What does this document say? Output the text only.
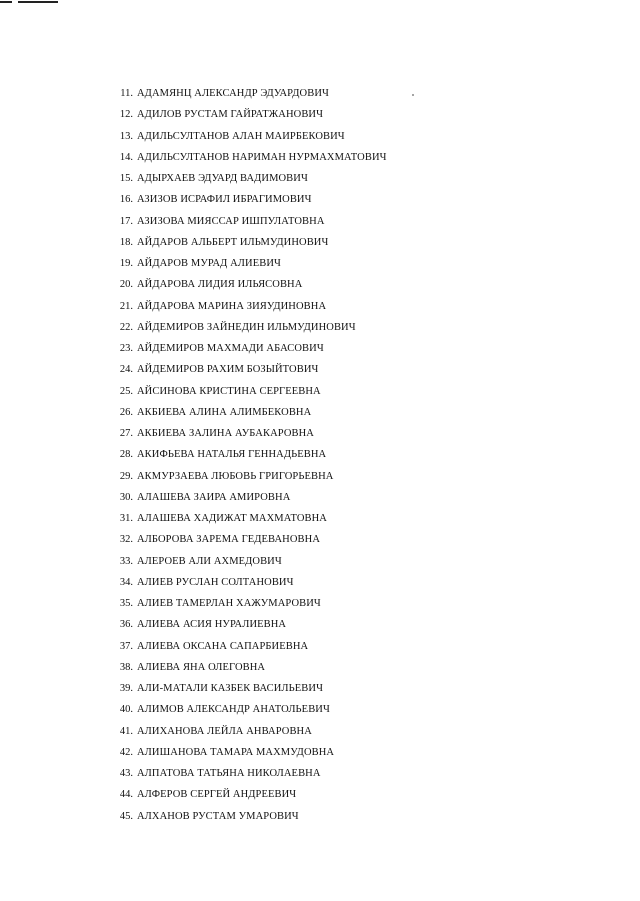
11. АДАМЯНЦ АЛЕКСАНДР ЭДУАРДОВИЧ
12. АДИЛОВ РУСТАМ ГАЙРАТЖАНОВИЧ
13. АДИЛЬСУЛТАНОВ АЛАН МАИРБЕКОВИЧ
14. АДИЛЬСУЛТАНОВ НАРИМАН НУРМАХМАТОВИЧ
15. АДЫРХАЕВ ЭДУАРД ВАДИМОВИЧ
16. АЗИЗОВ ИСРАФИЛ ИБРАГИМОВИЧ
17. АЗИЗОВА МИЯССАР ИШПУЛАТОВНА
18. АЙДАРОВ АЛЬБЕРТ ИЛЬМУДИНОВИЧ
19. АЙДАРОВ МУРАД АЛИЕВИЧ
20. АЙДАРОВА ЛИДИЯ ИЛЬЯСОВНА
21. АЙДАРОВА МАРИНА ЗИЯУДИНОВНА
22. АЙДЕМИРОВ ЗАЙНЕДИН ИЛЬМУДИНОВИЧ
23. АЙДЕМИРОВ МАХМАДИ АБАСОВИЧ
24. АЙДЕМИРОВ РАХИМ БОЗЫЙТОВИЧ
25. АЙСИНОВА КРИСТИНА СЕРГЕЕВНА
26. АКБИЕВА АЛИНА АЛИМБЕКОВНА
27. АКБИЕВА ЗАЛИНА АУБАКАРОВНА
28. АКИФЬЕВА НАТАЛЬЯ ГЕННАДЬЕВНА
29. АКМУРЗАЕВА ЛЮБОВЬ ГРИГОРЬЕВНА
30. АЛАШЕВА ЗАИРА АМИРОВНА
31. АЛАШЕВА ХАДИЖАТ МАХМАТОВНА
32. АЛБОРОВА ЗАРЕМА ГЕДЕВАНОВНА
33. АЛЕРОЕВ АЛИ АХМЕДОВИЧ
34. АЛИЕВ РУСЛАН СОЛТАНОВИЧ
35. АЛИЕВ ТАМЕРЛАН ХАЖУМАРОВИЧ
36. АЛИЕВА АСИЯ НУРАЛИЕВНА
37. АЛИЕВА ОКСАНА САПАРБИЕВНА
38. АЛИЕВА ЯНА ОЛЕГОВНА
39. АЛИ-МАТАЛИ КАЗБЕК ВАСИЛЬЕВИЧ
40. АЛИМОВ АЛЕКСАНДР АНАТОЛЬЕВИЧ
41. АЛИХАНОВА ЛЕЙЛА АНВАРОВНА
42. АЛИШАНОВА ТАМАРА МАХМУДОВНА
43. АЛПАТОВА ТАТЬЯНА НИКОЛАЕВНА
44. АЛФЕРОВ СЕРГЕЙ АНДРЕЕВИЧ
45. АЛХАНОВ РУСТАМ УМАРОВИЧ
